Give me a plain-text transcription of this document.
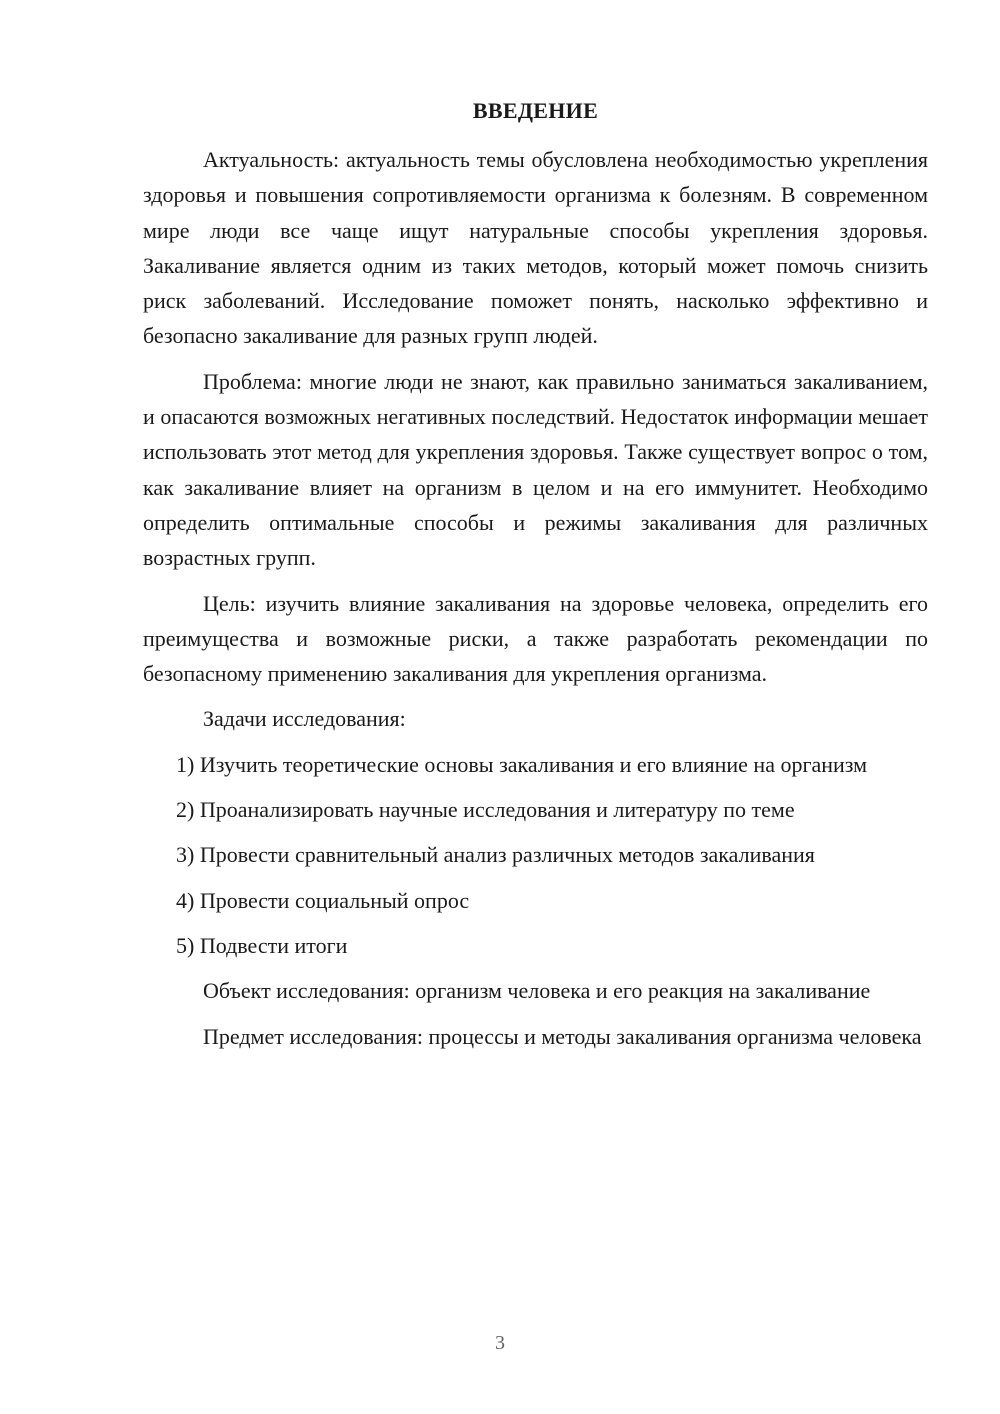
ВВЕДЕНИЕ

Актуальность: актуальность темы обусловлена необходимостью укрепления здоровья и повышения сопротивляемости организма к болезням. В современном мире люди все чаще ищут натуральные способы укрепления здоровья. Закаливание является одним из таких методов, который может помочь снизить риск заболеваний. Исследование поможет понять, насколько эффективно и безопасно закаливание для разных групп людей.

Проблема: многие люди не знают, как правильно заниматься закаливанием, и опасаются возможных негативных последствий. Недостаток информации мешает использовать этот метод для укрепления здоровья. Также существует вопрос о том, как закаливание влияет на организм в целом и на его иммунитет. Необходимо определить оптимальные способы и режимы закаливания для различных возрастных групп.

Цель: изучить влияние закаливания на здоровье человека, определить его преимущества и возможные риски, а также разработать рекомендации по безопасному применению закаливания для укрепления организма.

Задачи исследования:

1) Изучить теоретические основы закаливания и его влияние на организм

2) Проанализировать научные исследования и литературу по теме

3) Провести сравнительный анализ различных методов закаливания

4) Провести социальный опрос

5) Подвести итоги

Объект исследования: организм человека и его реакция на закаливание

Предмет исследования: процессы и методы закаливания организма человека

3
